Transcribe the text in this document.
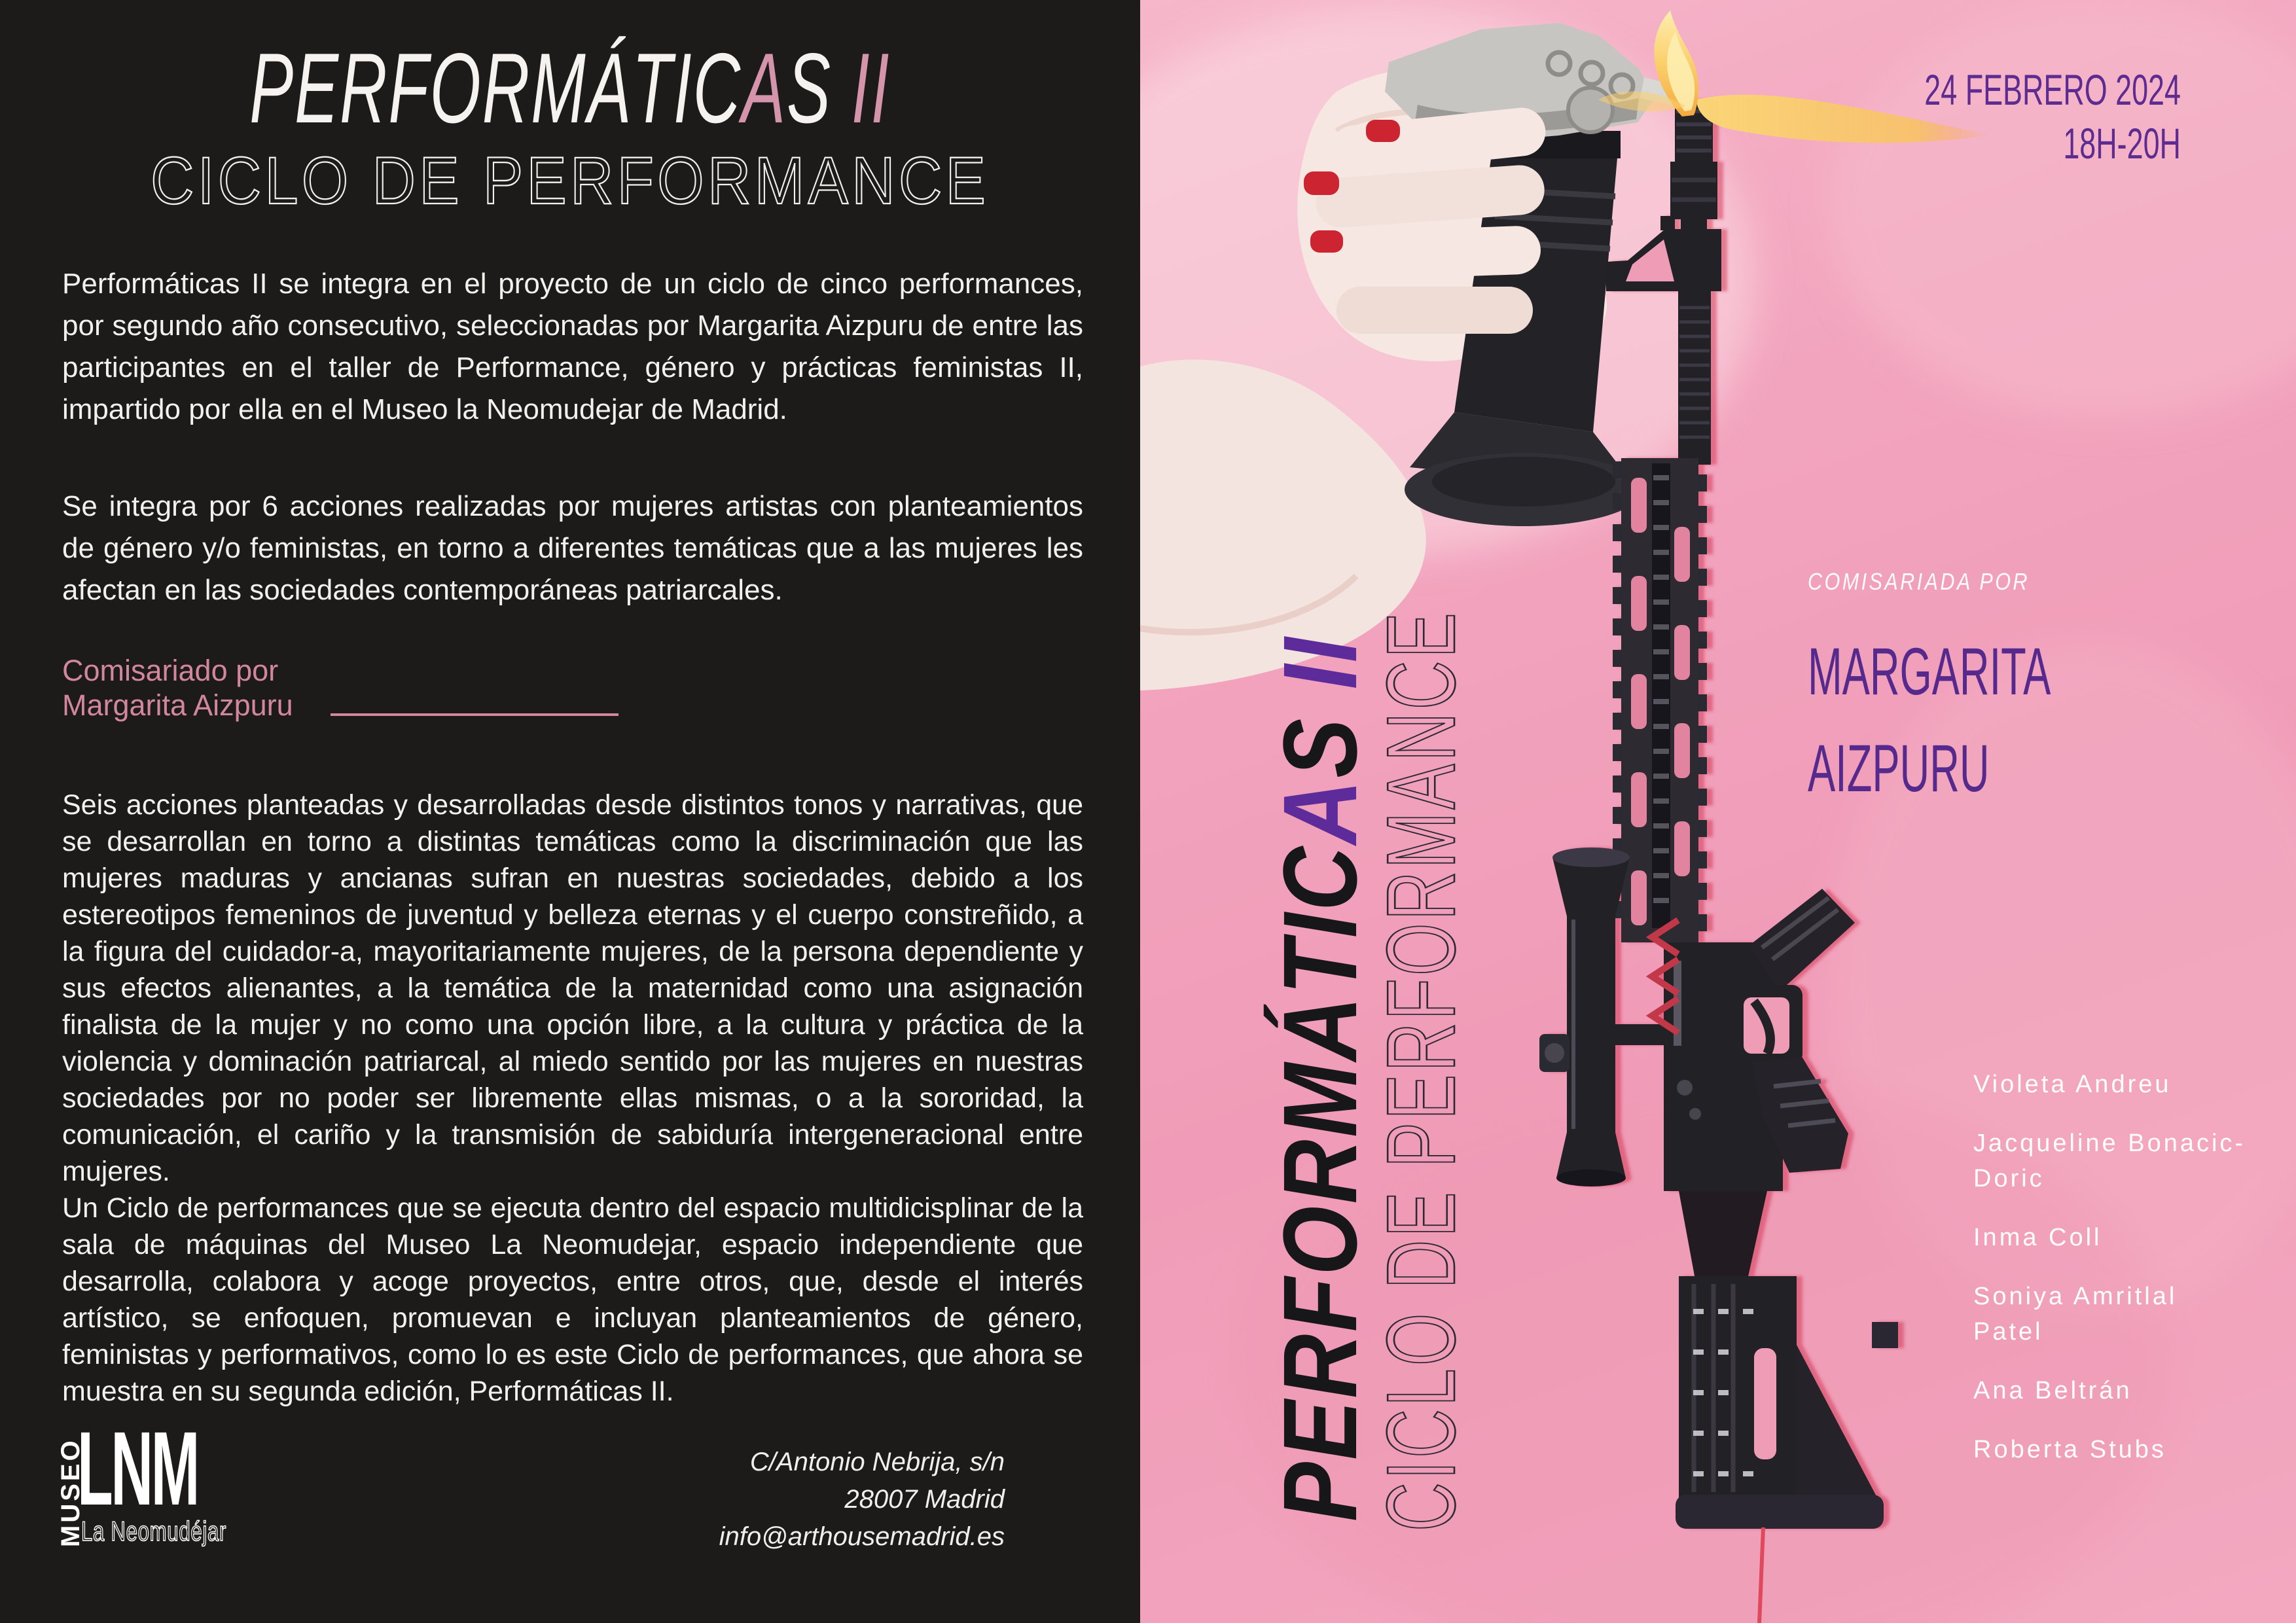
PERFORMÁTICAS II
CICLO DE PERFORMANCE
Performáticas II se integra en el proyecto de un ciclo de cinco performances, por segundo año consecutivo, seleccionadas por Margarita Aizpuru de entre las participantes en el taller de Performance, género y prácticas feministas II, impartido por ella en el Museo la Neomudejar de Madrid.
Se integra por 6 acciones realizadas por mujeres artistas con planteamientos de género y/o feministas, en torno a diferentes temáticas que a las mujeres les afectan en las sociedades contemporáneas patriarcales.
Comisariado por
Margarita Aizpuru

Seis acciones planteadas y desarrolladas desde distintos tonos y narrativas, que se desarrollan en torno a distintas temáticas como la discriminación que las mujeres maduras y ancianas sufran en nuestras sociedades, debido a los estereotipos femeninos de juventud y belleza eternas y el cuerpo constreñido, a la figura del cuidador-a, mayoritariamente mujeres, de la persona dependiente y sus efectos alienantes, a la temática de la maternidad como una asignación finalista de la mujer y no como una opción libre, a la cultura y práctica de la violencia y dominación patriarcal, al miedo sentido por las mujeres en nuestras sociedades por no poder ser libremente ellas mismas, o a la sororidad, la comunicación, el cariño y la transmisión de sabiduría intergeneracional entre mujeres.

Un Ciclo de performances que se ejecuta dentro del espacio multidicisplinar de la sala de máquinas del Museo La Neomudejar, espacio independiente que desarrolla, colabora y acoge proyectos, entre otros, que, desde el interés artístico, se enfoquen, promuevan e incluyan planteamientos de género, feministas y performativos, como lo es este Ciclo de performances, que ahora se muestra en su segunda edición, Performáticas II.

MUSEO
LNM
La Neomudéjar
C/Antonio Nebrija, s/n
28007 Madrid
info@arthousemadrid.es
24 FEBRERO 2024
18H-20H
PERFORMÁTICAS II
CICLO DE PERFORMANCE
COMISARIADA POR
MARGARITA
AIZPURU
Violeta Andreu
Jacqueline Bonacic-Doric
Inma Coll
Soniya Amritlal Patel
Ana Beltrán
Roberta Stubs
